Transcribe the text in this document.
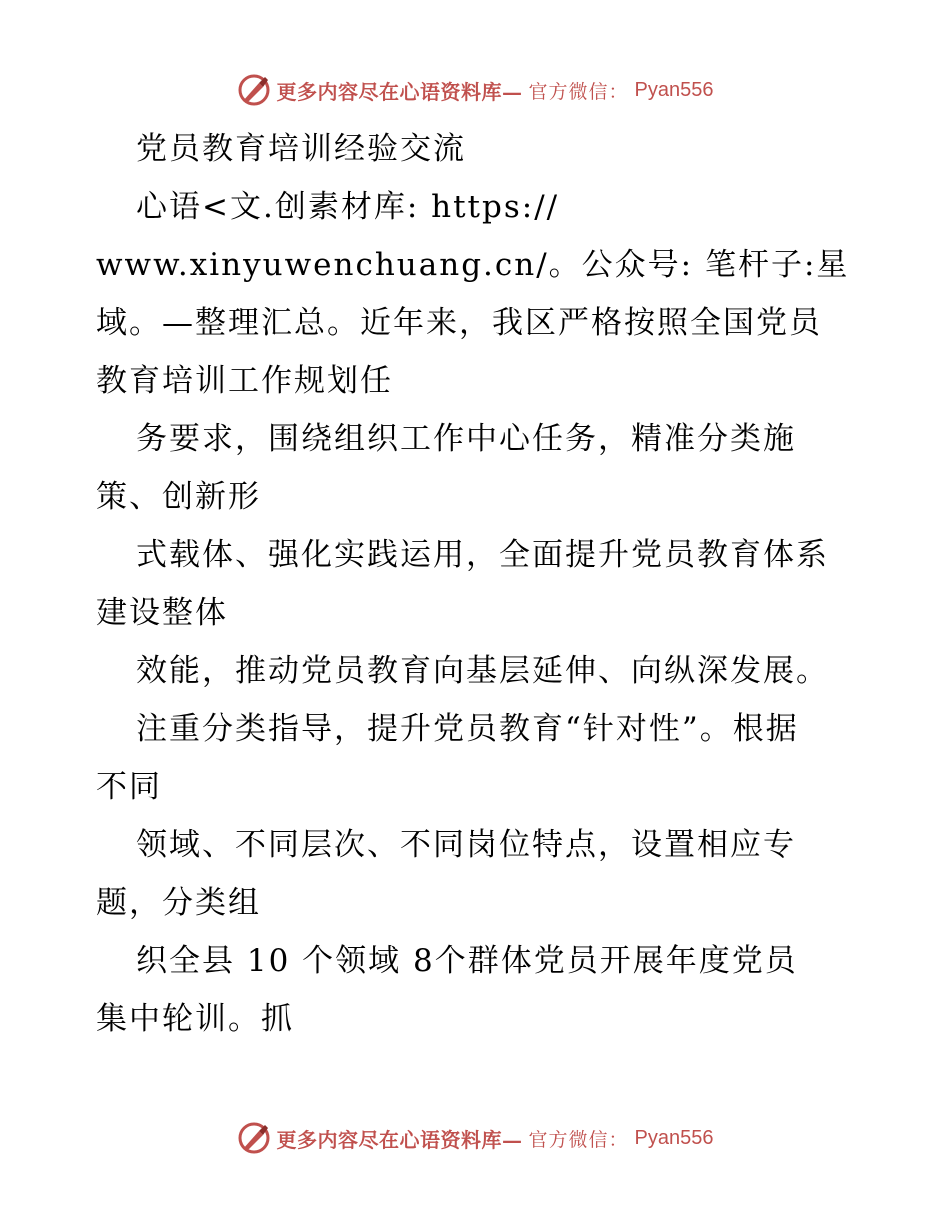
更多内容尽在心语资料库— 官方微信： Pyan556
党员教育培训经验交流
心语<文.创素材库: https://
www.xinyuwenchuang.cn/。公众号: 笔杆子:星
域。—整理汇总。近年来，我区严格按照全国党员
教育培训工作规划任
务要求，围绕组织工作中心任务，精准分类施
策、创新形
式载体、强化实践运用，全面提升党员教育体系
建设整体
效能，推动党员教育向基层延伸、向纵深发展。
注重分类指导，提升党员教育“针对性”。根据
不同
领域、不同层次、不同岗位特点，设置相应专
题，分类组
织全县 10 个领域 8个群体党员开展年度党员
集中轮训。抓
更多内容尽在心语资料库— 官方微信： Pyan556
